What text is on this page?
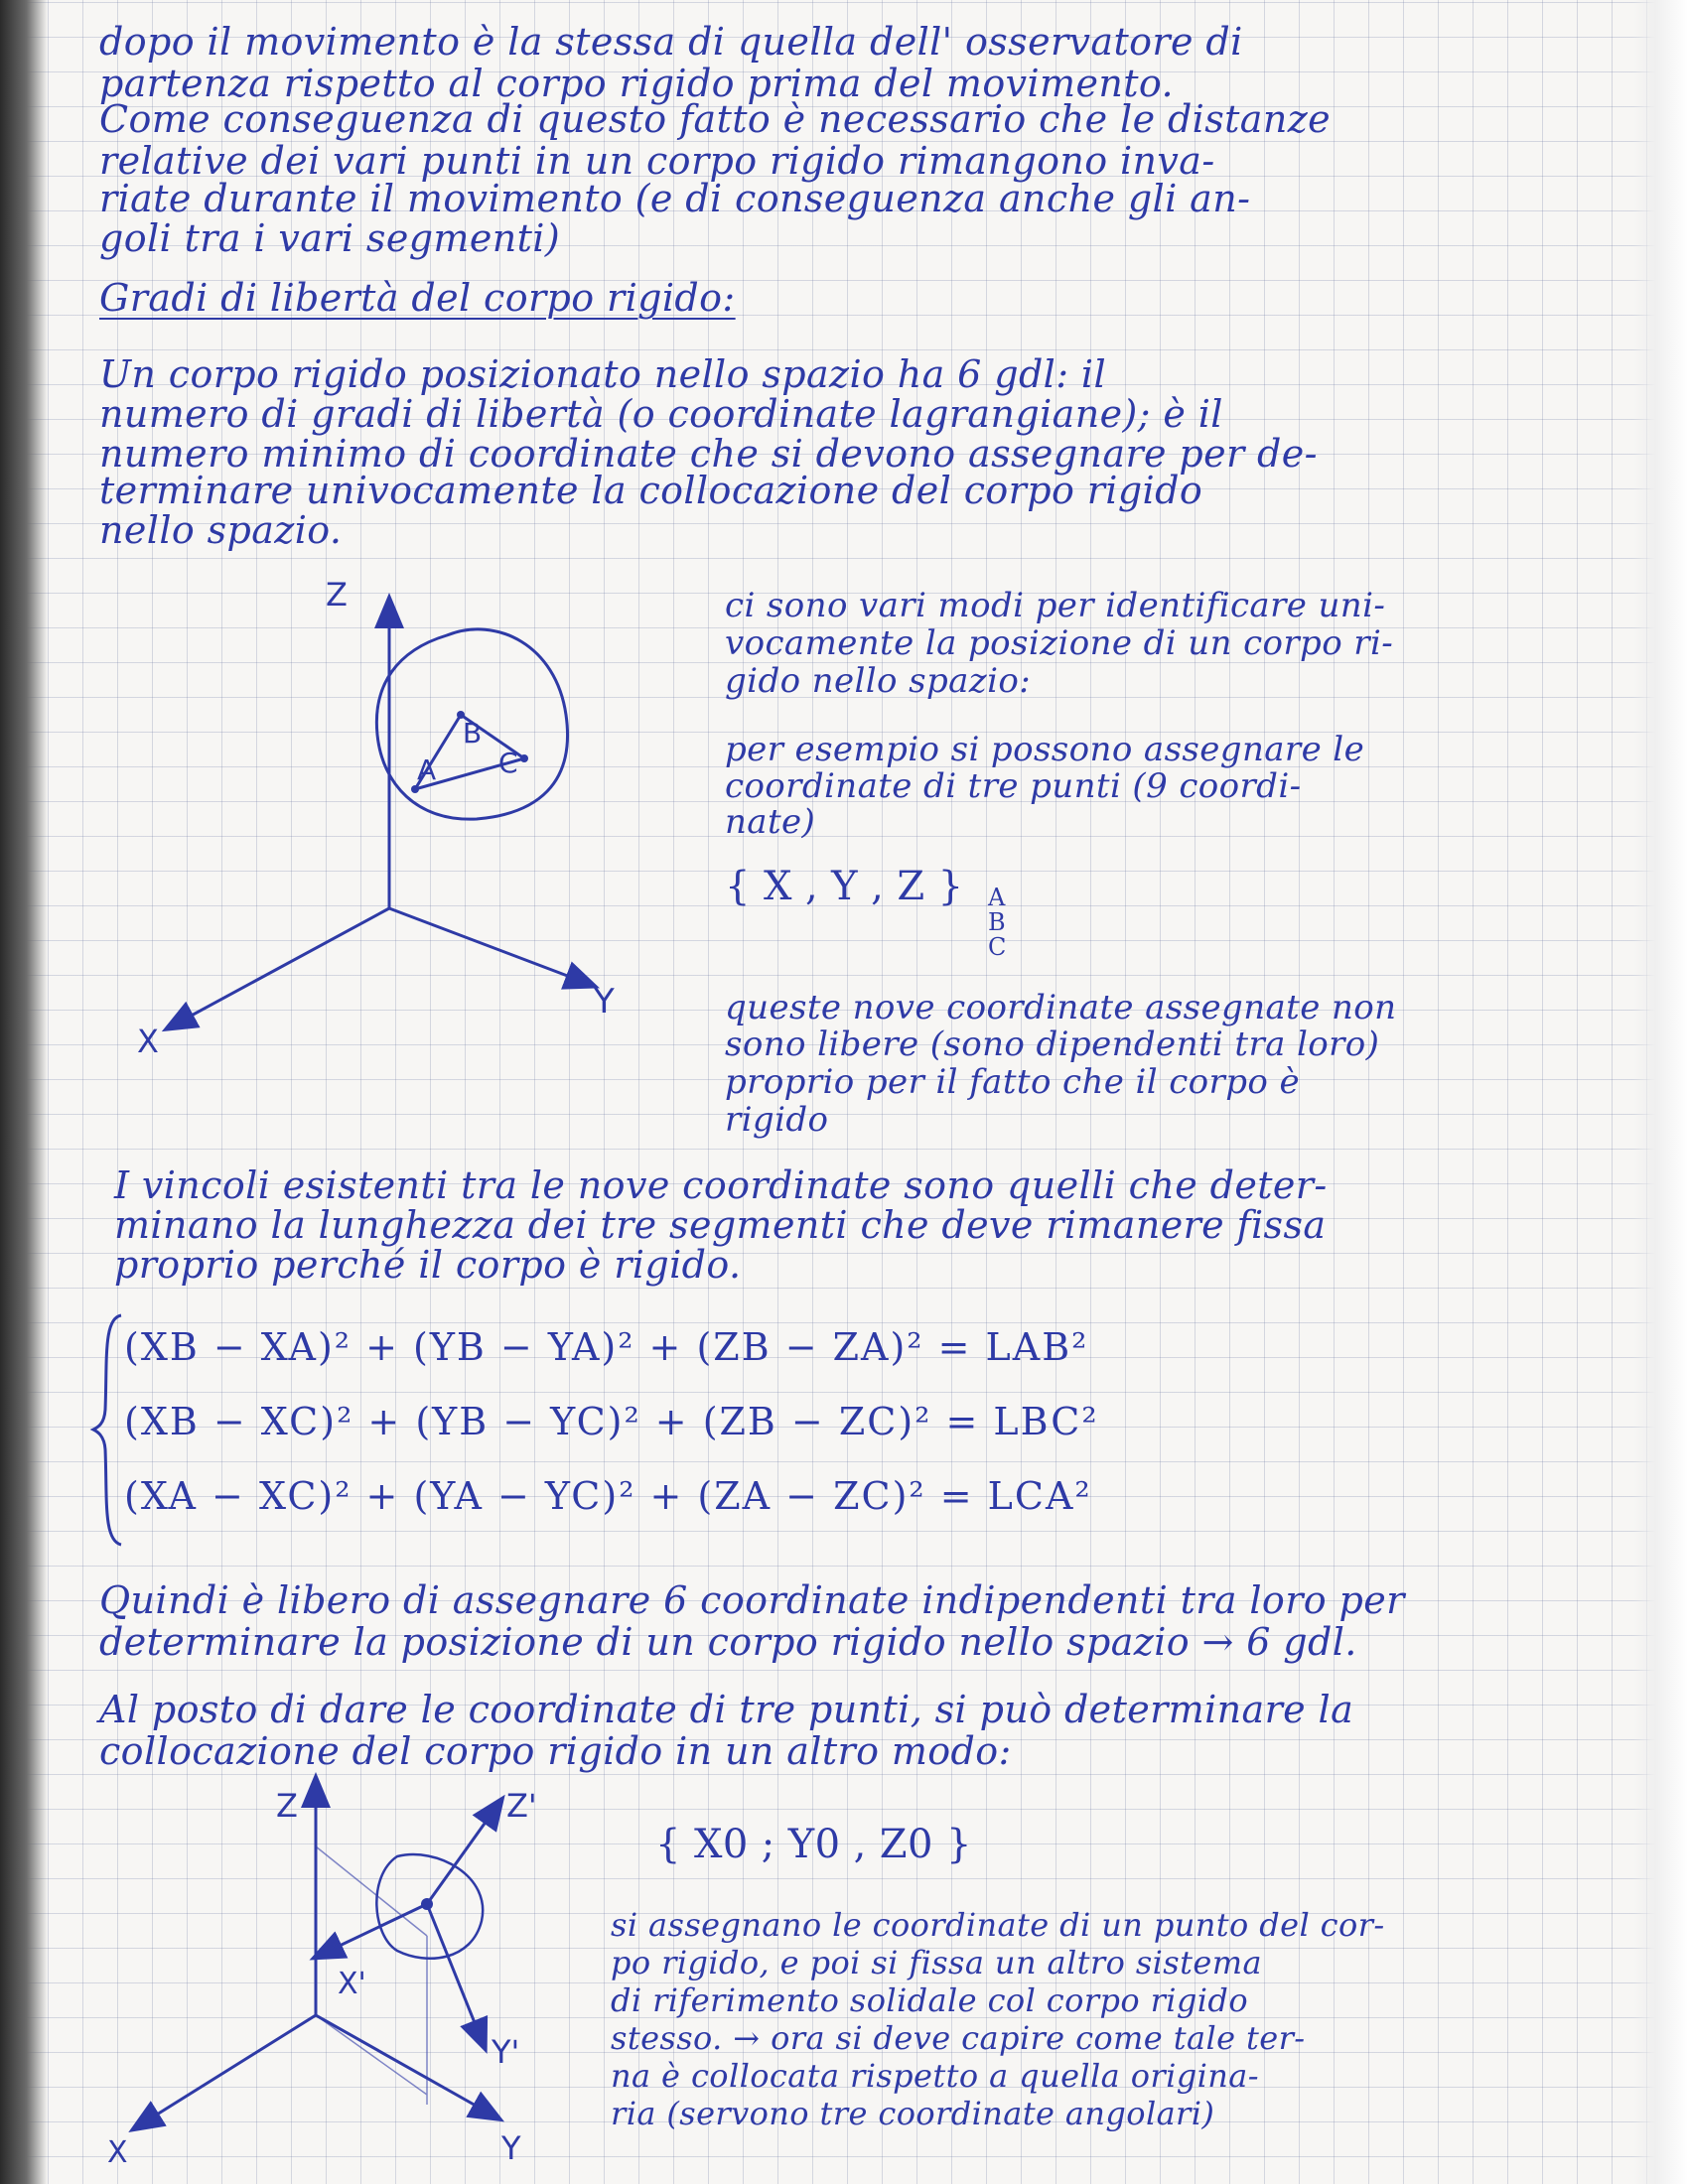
dopo il movimento è la stessa di quella dell' osservatore di
partenza rispetto al corpo rigido prima del movimento.
Come conseguenza di questo fatto è necessario che le distanze
relative dei vari punti in un corpo rigido rimangono inva-
riate durante il movimento (e di conseguenza anche gli an-
goli tra i vari segmenti)
Gradi di libertà del corpo rigido:
Un corpo rigido posizionato nello spazio ha 6 gdl: il
numero di gradi di libertà (o coordinate lagrangiane); è il
numero minimo di coordinate che si devono assegnare per de-
terminare univocamente la collocazione del corpo rigido
nello spazio.
Z
Y
X
B
A C
ci sono vari modi per identificare uni-
vocamente la posizione di un corpo ri-
gido nello spazio:
per esempio si possono assegnare le
coordinate di tre punti (9 coordi-
nate)
{ X , Y , Z } A
B
C
queste nove coordinate assegnate non
sono libere (sono dipendenti tra loro)
proprio per il fatto che il corpo è
rigido
I vincoli esistenti tra le nove coordinate sono quelli che deter-
minano la lunghezza dei tre segmenti che deve rimanere fissa
proprio perché il corpo è rigido.
(XB − XA)² + (YB − YA)² + (ZB − ZA)² = LAB²
(XB − XC)² + (YB − YC)² + (ZB − ZC)² = LBC²
(XA − XC)² + (YA − YC)² + (ZA − ZC)² = LCA²
Quindi è libero di assegnare 6 coordinate indipendenti tra loro per
determinare la posizione di un corpo rigido nello spazio → 6 gdl.
Al posto di dare le coordinate di tre punti, si può determinare la
collocazione del corpo rigido in un altro modo:
Z
Y
X
Z'
Y'
X'
{ X0 ; Y0 , Z0 }
si assegnano le coordinate di un punto del cor-
po rigido, e poi si fissa un altro sistema
di riferimento solidale col corpo rigido
stesso. → ora si deve capire come tale ter-
na è collocata rispetto a quella origina-
ria (servono tre coordinate angolari)
